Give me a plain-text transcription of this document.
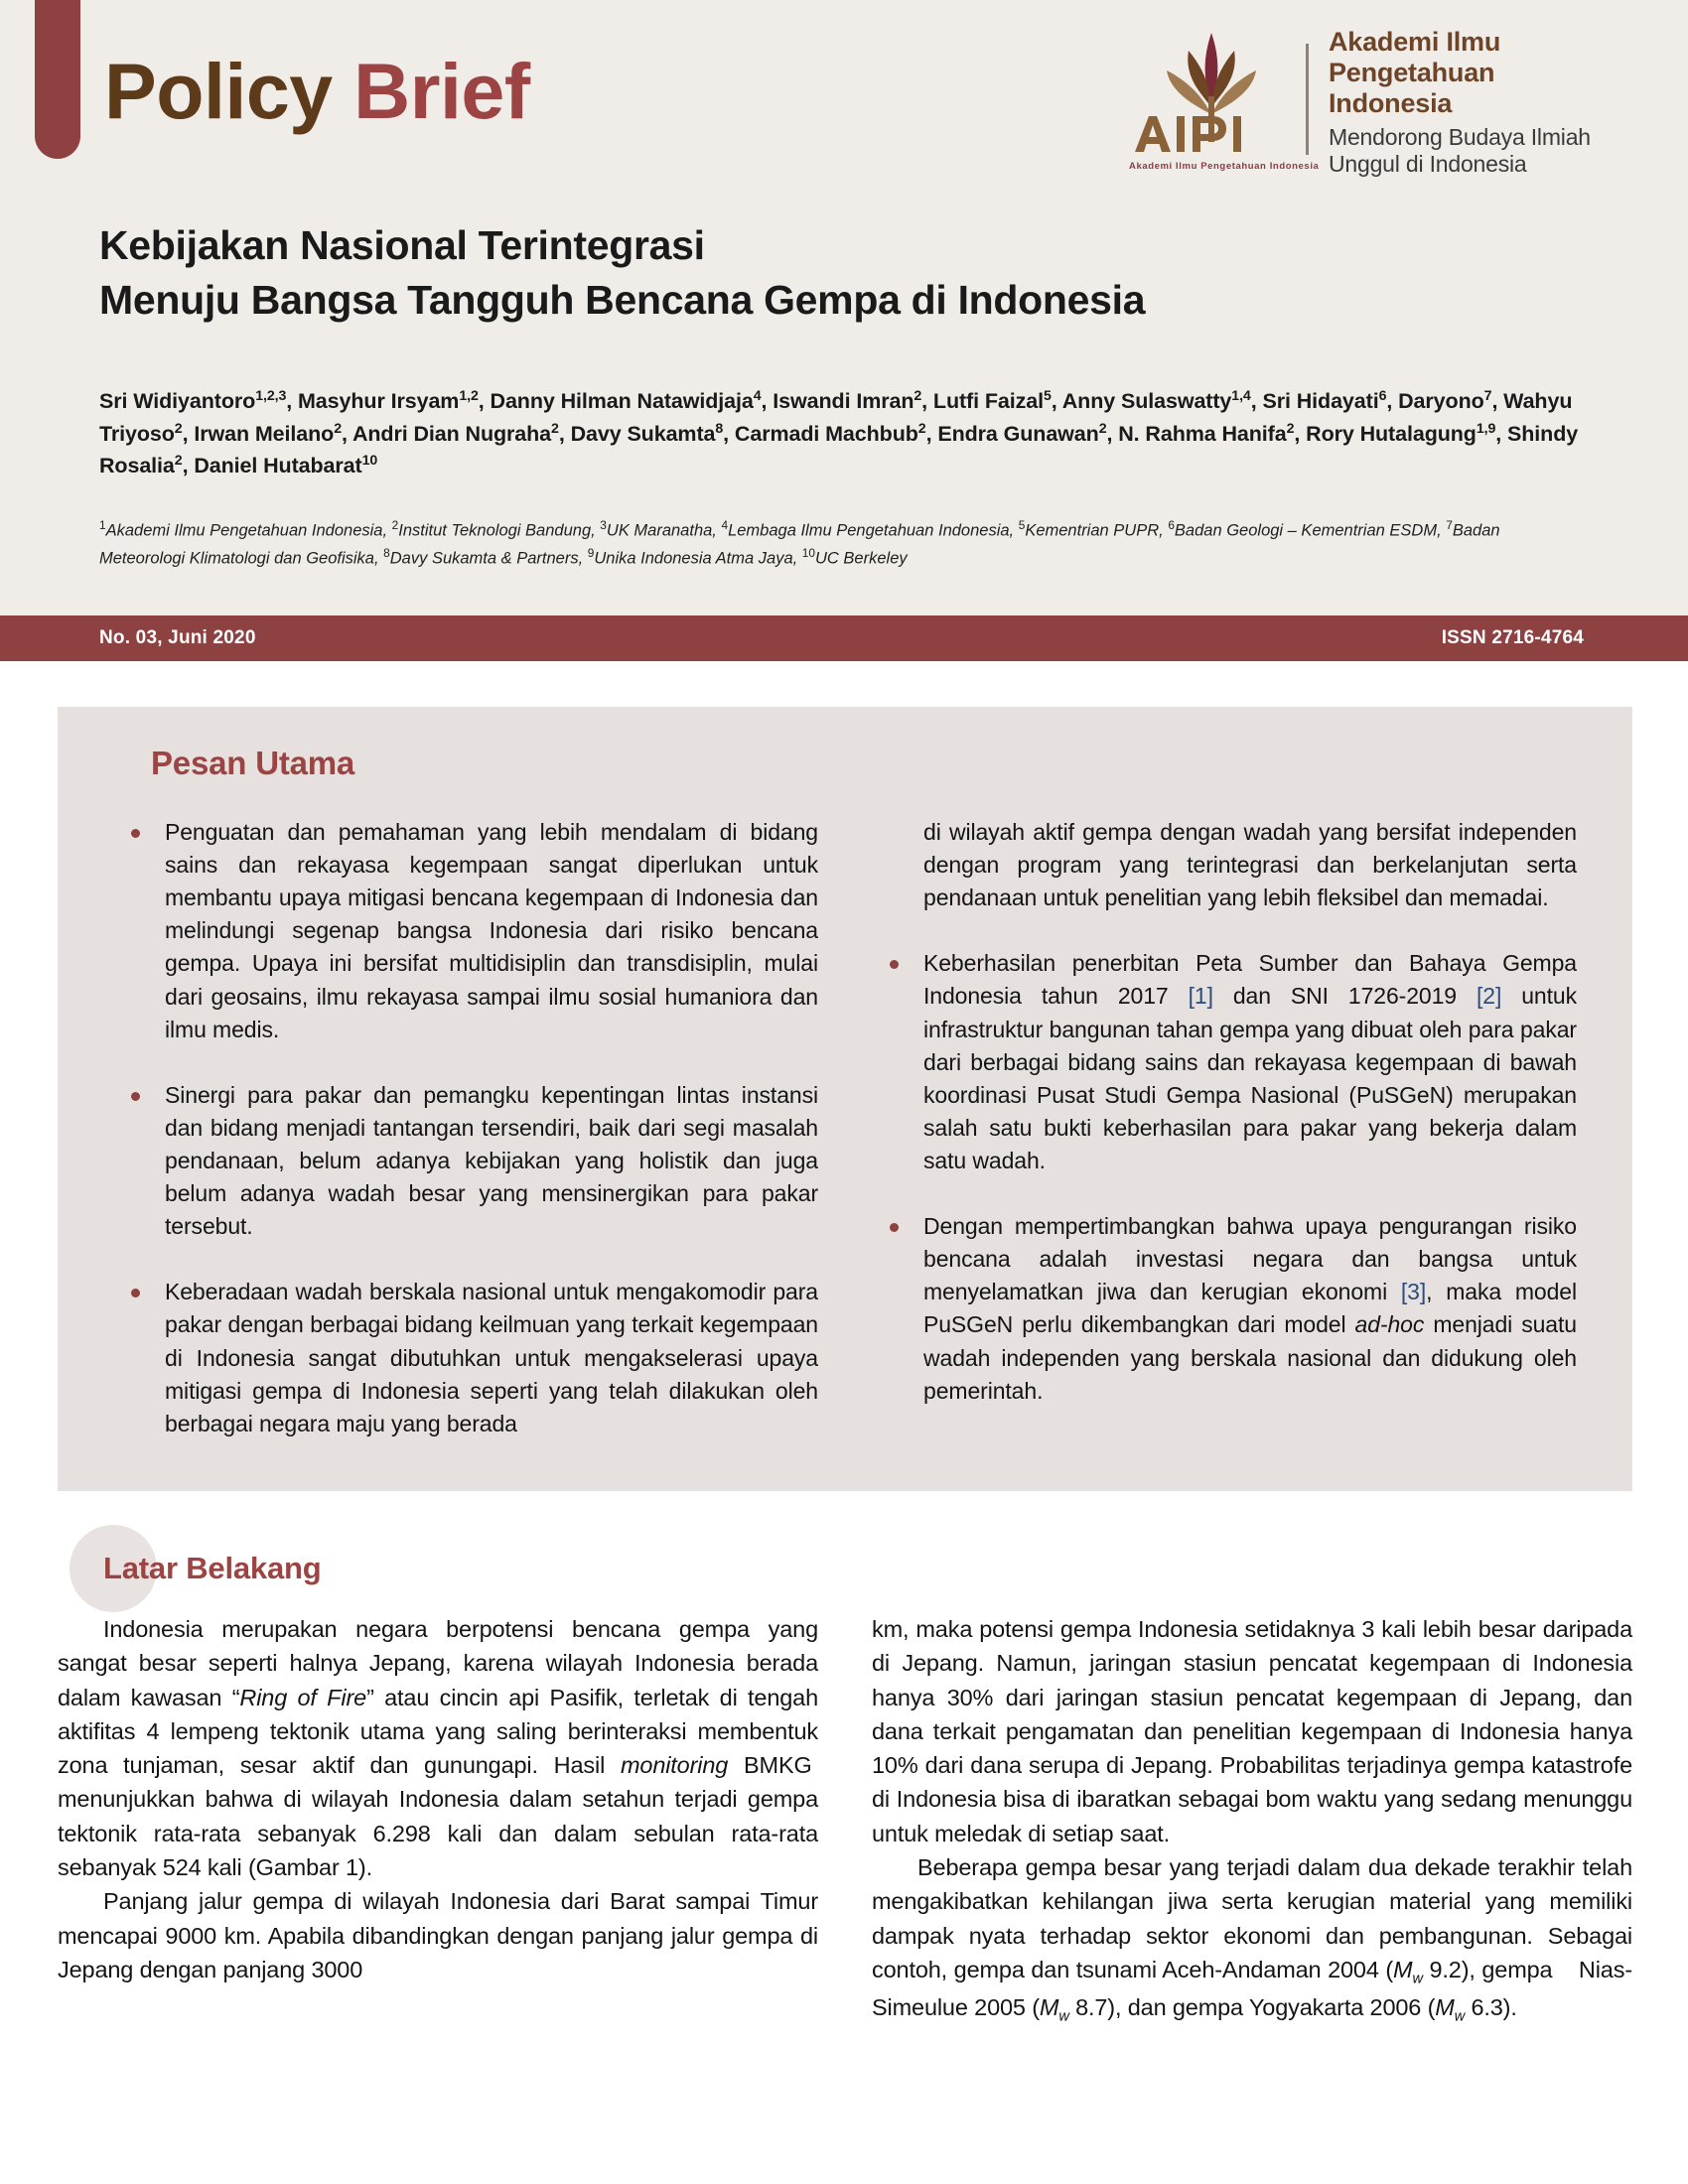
Policy Brief
Akademi Ilmu Pengetahuan Indonesia
Akademi Ilmu
Pengetahuan Indonesia
Mendorong Budaya Ilmiah
Unggul di Indonesia
Kebijakan Nasional Terintegrasi
Menuju Bangsa Tangguh Bencana Gempa di Indonesia
Sri Widiyantoro$^{1,2,3}$, Masyhur Irsyam$^{1,2}$, Danny Hilman Natawidjaja$^4$, Iswandi Imran$^2$, Lutfi Faizal$^5$, Anny Sulaswatty$^{1,4}$, Sri Hidayati$^6$, Daryono$^7$, Wahyu Triyoso$^2$, Irwan Meilano$^2$, Andri Dian Nugraha$^2$, Davy Sukamta$^8$, Carmadi Machbub$^2$, Endra Gunawan$^2$, N. Rahma Hanifa$^2$, Rory Hutalagung$^{1,9}$, Shindy Rosalia$^2$, Daniel Hutabarat$^{10}$
$^1$Akademi Ilmu Pengetahuan Indonesia, $^2$Institut Teknologi Bandung, $^3$UK Maranatha, $^4$Lembaga Ilmu Pengetahuan Indonesia, $^5$Kementrian PUPR, $^6$Badan Geologi – Kementrian ESDM, $^7$Badan Meteorologi Klimatologi dan Geofisika, $^8$Davy Sukamta & Partners, $^9$Unika Indonesia Atma Jaya, $^{10}$UC Berkeley
No. 03, Juni 2020	ISSN 2716-4764
Pesan Utama
Penguatan dan pemahaman yang lebih mendalam di bidang sains dan rekayasa kegempaan sangat diperlukan untuk membantu upaya mitigasi bencana kegempaan di Indonesia dan melindungi segenap bangsa Indonesia dari risiko bencana gempa. Upaya ini bersifat multidisiplin dan transdisiplin, mulai dari geosains, ilmu rekayasa sampai ilmu sosial humaniora dan ilmu medis.
Sinergi para pakar dan pemangku kepentingan lintas instansi dan bidang menjadi tantangan tersendiri, baik dari segi masalah pendanaan, belum adanya kebijakan yang holistik dan juga belum adanya wadah besar yang mensinergikan para pakar tersebut.
Keberadaan wadah berskala nasional untuk mengakomodir para pakar dengan berbagai bidang keilmuan yang terkait kegempaan di Indonesia sangat dibutuhkan untuk mengakselerasi upaya mitigasi gempa di Indonesia seperti yang telah dilakukan oleh berbagai negara maju yang berada
di wilayah aktif gempa dengan wadah yang bersifat independen dengan program yang terintegrasi dan berkelanjutan serta pendanaan untuk penelitian yang lebih fleksibel dan memadai.
Keberhasilan penerbitan Peta Sumber dan Bahaya Gempa Indonesia tahun 2017 [1] dan SNI 1726-2019 [2] untuk infrastruktur bangunan tahan gempa yang dibuat oleh para pakar dari berbagai bidang sains dan rekayasa kegempaan di bawah koordinasi Pusat Studi Gempa Nasional (PuSGeN) merupakan salah satu bukti keberhasilan para pakar yang bekerja dalam satu wadah.
Dengan mempertimbangkan bahwa upaya pengurangan risiko bencana adalah investasi negara dan bangsa untuk menyelamatkan jiwa dan kerugian ekonomi [3], maka model PuSGeN perlu dikembangkan dari model ad-hoc menjadi suatu wadah independen yang berskala nasional dan didukung oleh pemerintah.
Latar Belakang

Indonesia merupakan negara berpotensi bencana gempa yang sangat besar seperti halnya Jepang, karena wilayah Indonesia berada dalam kawasan “Ring of Fire” atau cincin api Pasifik, terletak di tengah aktifitas 4 lempeng tektonik utama yang saling berinteraksi membentuk zona tunjaman, sesar aktif dan gunungapi. Hasil monitoring BMKG  menunjukkan bahwa di wilayah Indonesia dalam setahun terjadi gempa tektonik rata-rata sebanyak 6.298 kali dan dalam sebulan rata-rata sebanyak 524 kali (Gambar 1).

Panjang jalur gempa di wilayah Indonesia dari Barat sampai Timur mencapai 9000 km. Apabila dibandingkan dengan panjang jalur gempa di Jepang dengan panjang 3000

km, maka potensi gempa Indonesia setidaknya 3 kali lebih besar daripada di Jepang. Namun, jaringan stasiun pencatat kegempaan di Indonesia hanya 30% dari jaringan stasiun pencatat kegempaan di Jepang, dan dana terkait pengamatan dan penelitian kegempaan di Indonesia hanya 10% dari dana serupa di Jepang. Probabilitas terjadinya gempa katastrofe di Indonesia bisa di ibaratkan sebagai bom waktu yang sedang menunggu untuk meledak di setiap saat.

Beberapa gempa besar yang terjadi dalam dua dekade terakhir telah mengakibatkan kehilangan jiwa serta kerugian material yang memiliki dampak nyata terhadap sektor ekonomi dan pembangunan. Sebagai contoh, gempa dan tsunami Aceh-Andaman 2004 ($M_w$ 9.2), gempa    Nias-Simeulue 2005 ($M_w$ 8.7), dan gempa Yogyakarta 2006 ($M_w$ 6.3).
